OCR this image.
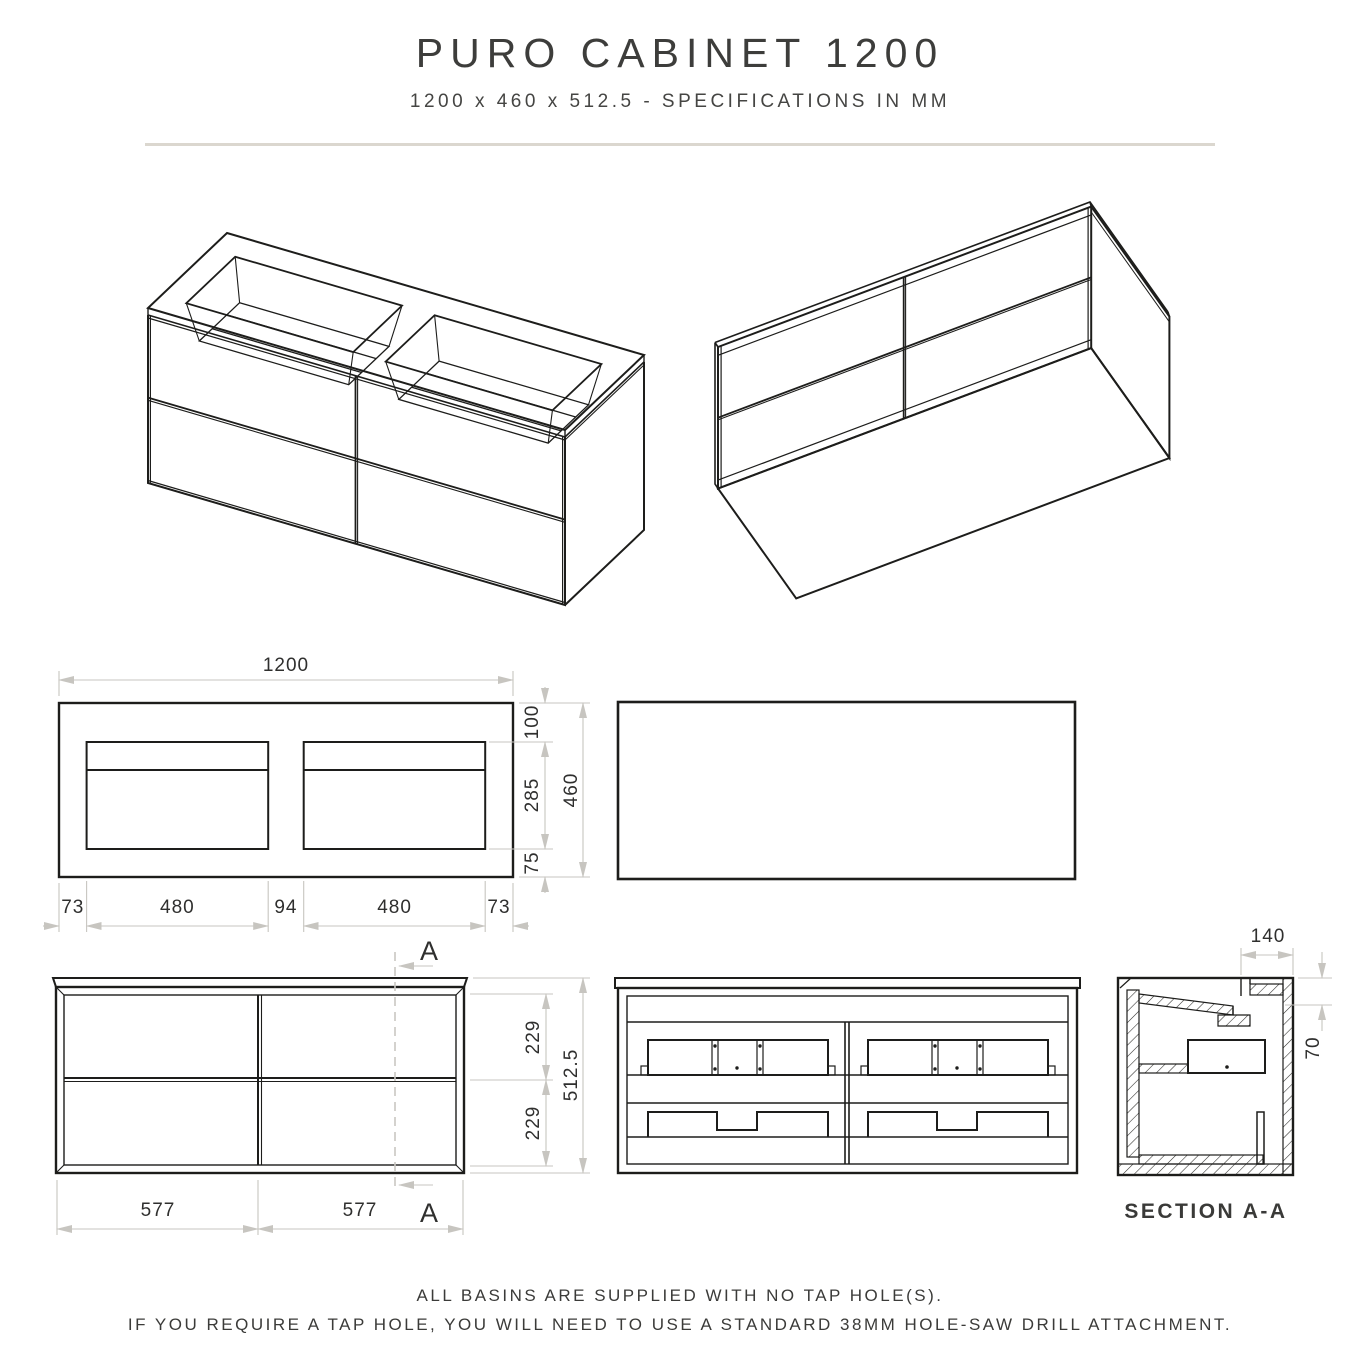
PURO CABINET 1200
1200 x 460 x 512.5 - SPECIFICATIONS IN MM
1200
100
285
75
460
73	480	94	480	73
A
A
229
229
512.5
577	577
140
70
SECTION A-A
ALL BASINS ARE SUPPLIED WITH NO TAP HOLE(S).
IF YOU REQUIRE A TAP HOLE, YOU WILL NEED TO USE A STANDARD 38MM HOLE-SAW DRILL ATTACHMENT.
